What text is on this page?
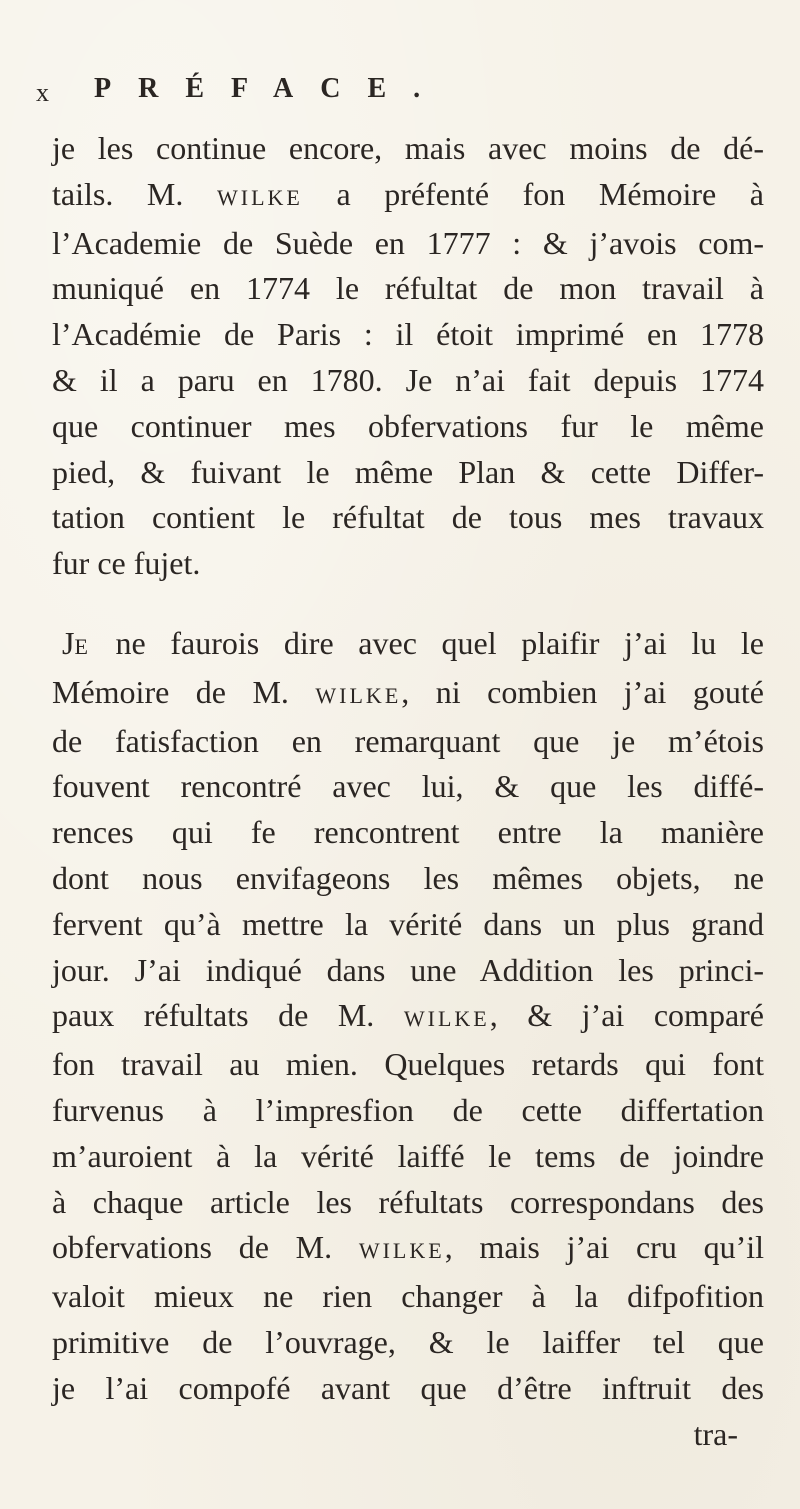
x PRÉFACE.
je les continue encore, mais avec moins de dé-
tails. M. WILKE a préfenté fon Mémoire à
l’Academie de Suède en 1777 : & j’avois com-
muniqué en 1774 le réfultat de mon travail à
l’Académie de Paris : il étoit imprimé en 1778
& il a paru en 1780. Je n’ai fait depuis 1774
que continuer mes obfervations fur le même
pied, & fuivant le même Plan & cette Differ-
tation contient le réfultat de tous mes travaux
fur ce fujet.
JE ne faurois dire avec quel plaifir j’ai lu le
Mémoire de M. WILKE, ni combien j’ai gouté
de fatisfaction en remarquant que je m’étois
fouvent rencontré avec lui, & que les diffé-
rences qui fe rencontrent entre la manière
dont nous envifageons les mêmes objets, ne
fervent qu’à mettre la vérité dans un plus grand
jour. J’ai indiqué dans une Addition les princi-
paux réfultats de M. WILKE, & j’ai comparé
fon travail au mien. Quelques retards qui font
furvenus à l’impresfion de cette differtation
m’auroient à la vérité laiffé le tems de joindre
à chaque article les réfultats correspondans des
obfervations de M. WILKE, mais j’ai cru qu’il
valoit mieux ne rien changer à la difpofition
primitive de l’ouvrage, & le laiffer tel que
je l’ai compofé avant que d’être inftruit des
tra-
